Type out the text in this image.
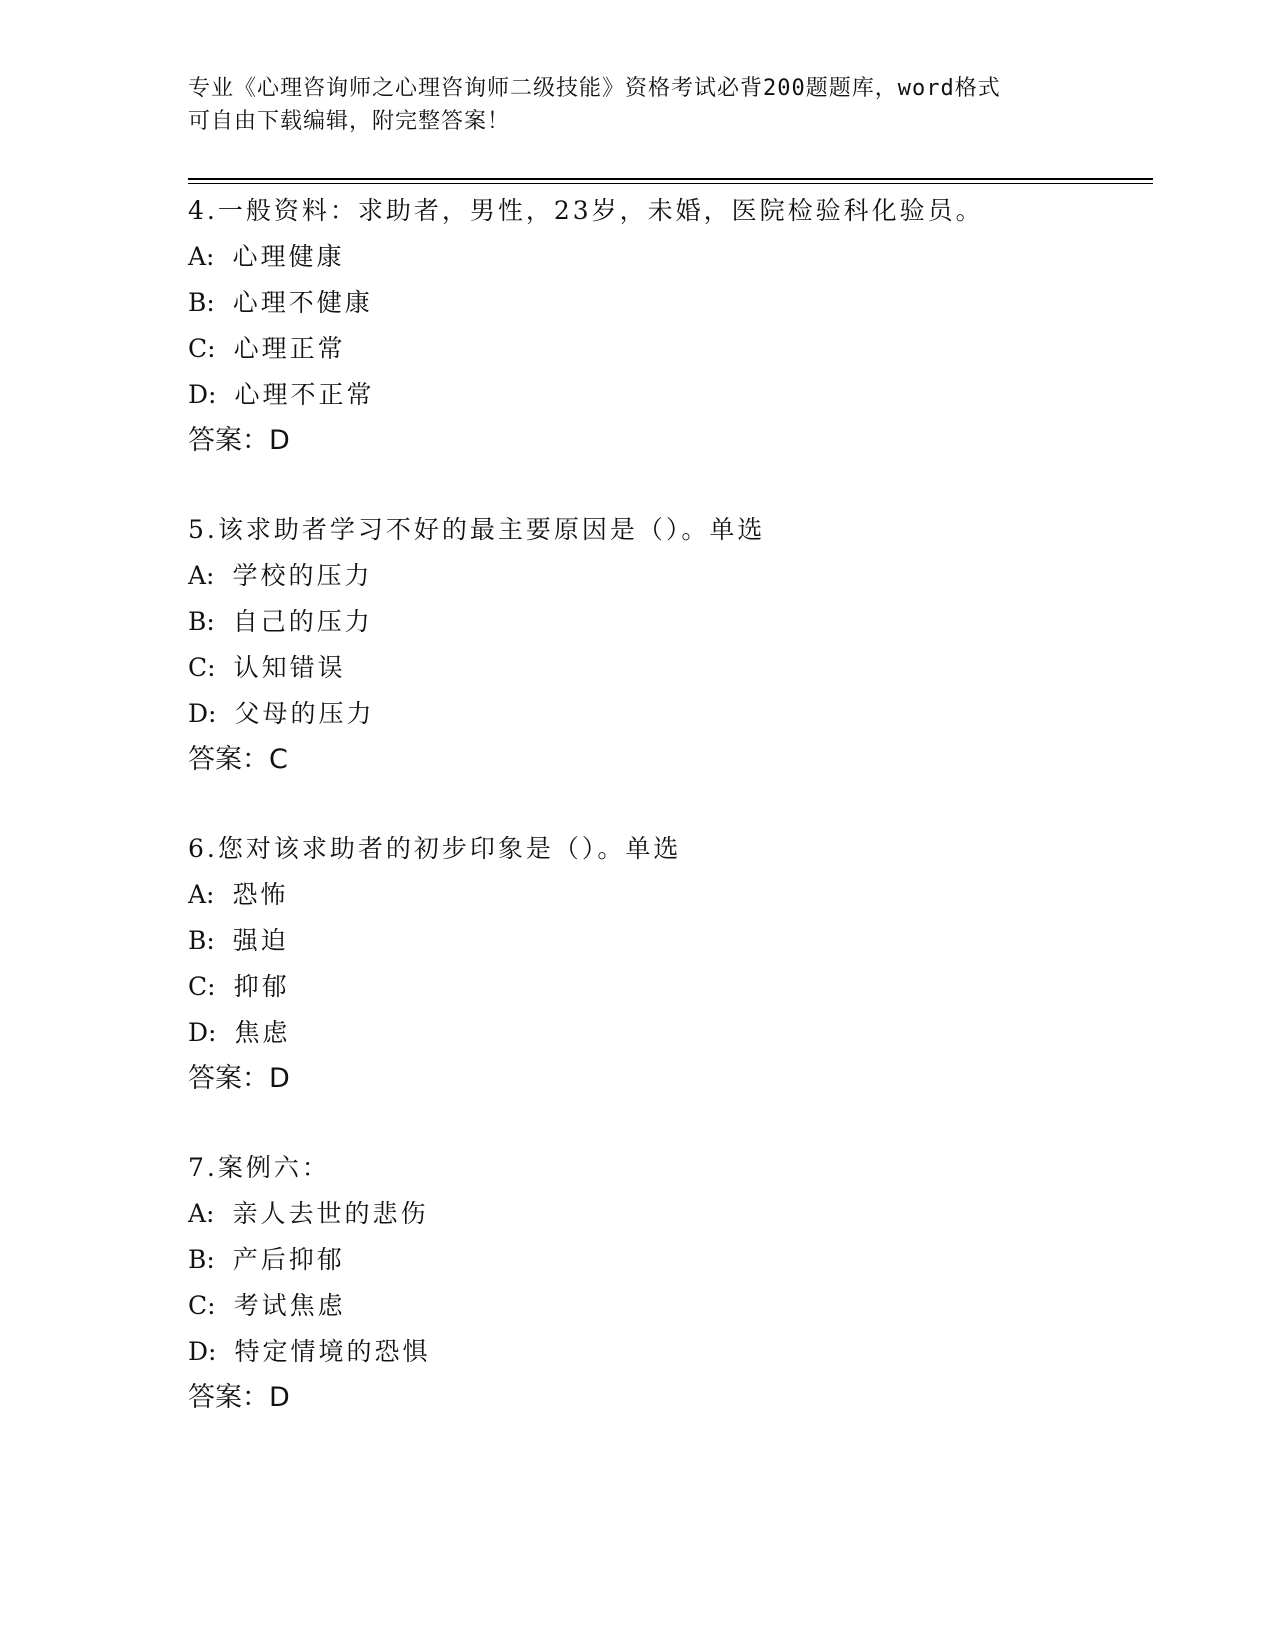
专业《心理咨询师之心理咨询师二级技能》资格考试必背200题题库，word格式
可自由下载编辑，附完整答案！
4.一般资料：求助者，男性，23岁，未婚，医院检验科化验员。
A: 心理健康
B: 心理不健康
C: 心理正常
D: 心理不正常
答案：D
5.该求助者学习不好的最主要原因是（）。单选
A: 学校的压力
B: 自己的压力
C: 认知错误
D: 父母的压力
答案：C
6.您对该求助者的初步印象是（）。单选
A: 恐怖
B: 强迫
C: 抑郁
D: 焦虑
答案：D
7.案例六：
A: 亲人去世的悲伤
B: 产后抑郁
C: 考试焦虑
D: 特定情境的恐惧
答案：D
